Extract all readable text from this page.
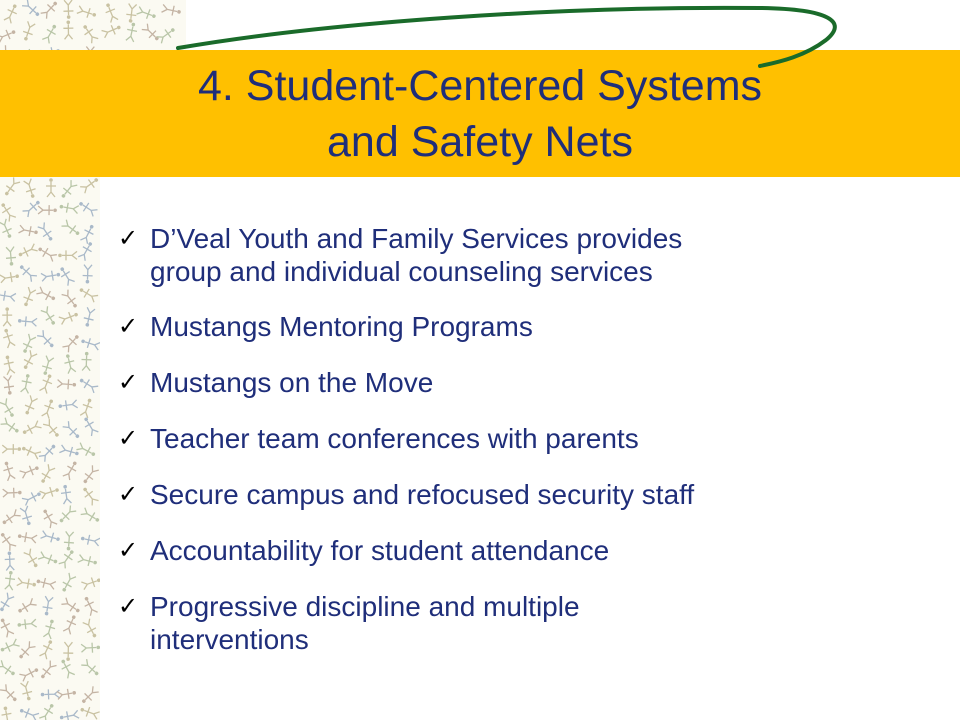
4. Student-Centered Systems
and Safety Nets
✓ D’Veal Youth and Family Services provides
group and individual counseling services
✓ Mustangs Mentoring Programs
✓ Mustangs on the Move
✓ Teacher team conferences with parents
✓ Secure campus and refocused security staff
✓ Accountability for student attendance
✓ Progressive discipline and multiple
interventions
